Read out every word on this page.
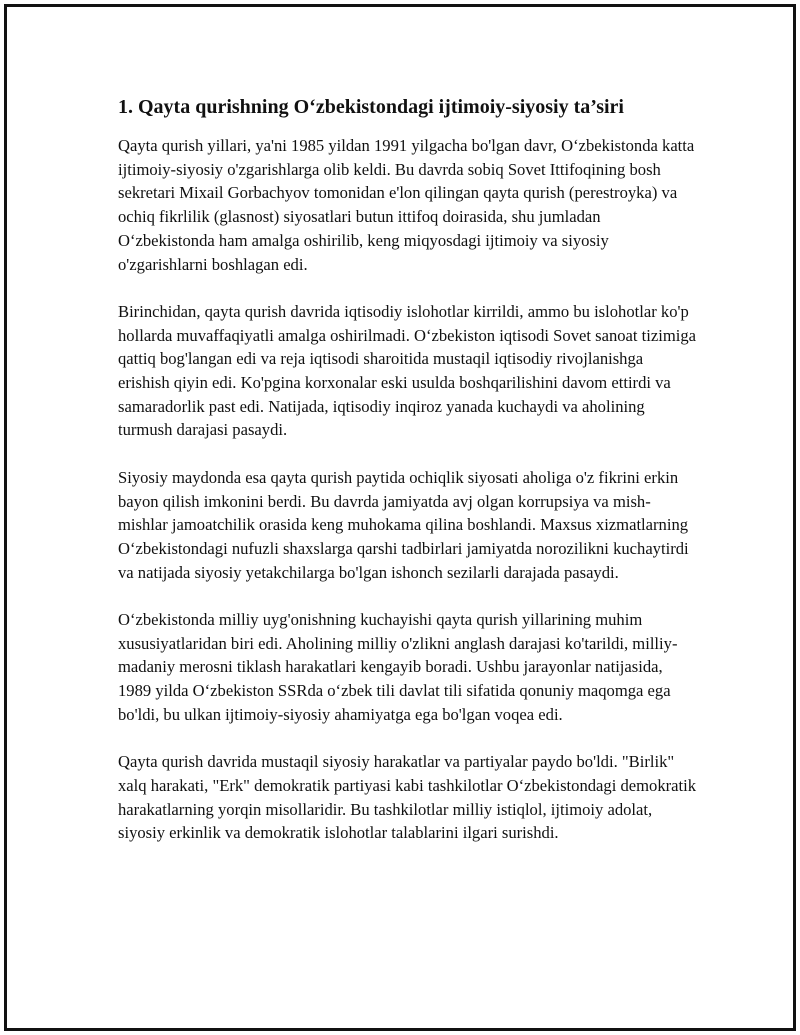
1. Qayta qurishning O‘zbekistondagi ijtimoiy-siyosiy ta’siri

Qayta qurish yillari, ya'ni 1985 yildan 1991 yilgacha bo'lgan davr, O‘zbekistonda katta ijtimoiy-siyosiy o'zgarishlarga olib keldi. Bu davrda sobiq Sovet Ittifoqining bosh sekretari Mixail Gorbachyov tomonidan e'lon qilingan qayta qurish (perestroyka) va ochiq fikrlilik (glasnost) siyosatlari butun ittifoq doirasida, shu jumladan O‘zbekistonda ham amalga oshirilib, keng miqyosdagi ijtimoiy va siyosiy o'zgarishlarni boshlagan edi.

Birinchidan, qayta qurish davrida iqtisodiy islohotlar kirrildi, ammo bu islohotlar ko'p hollarda muvaffaqiyatli amalga oshirilmadi. O‘zbekiston iqtisodi Sovet sanoat tizimiga qattiq bog'langan edi va reja iqtisodi sharoitida mustaqil iqtisodiy rivojlanishga erishish qiyin edi. Ko'pgina korxonalar eski usulda boshqarilishini davom ettirdi va samaradorlik past edi. Natijada, iqtisodiy inqiroz yanada kuchaydi va aholining turmush darajasi pasaydi.

Siyosiy maydonda esa qayta qurish paytida ochiqlik siyosati aholiga o'z fikrini erkin bayon qilish imkonini berdi. Bu davrda jamiyatda avj olgan korrupsiya va mish-mishlar jamoatchilik orasida keng muhokama qilina boshlandi. Maxsus xizmatlarning O‘zbekistondagi nufuzli shaxslarga qarshi tadbirlari jamiyatda norozilikni kuchaytirdi va natijada siyosiy yetakchilarga bo'lgan ishonch sezilarli darajada pasaydi.

O‘zbekistonda milliy uyg'onishning kuchayishi qayta qurish yillarining muhim xususiyatlaridan biri edi. Aholining milliy o'zlikni anglash darajasi ko'tarildi, milliy-madaniy merosni tiklash harakatlari kengayib boradi. Ushbu jarayonlar natijasida, 1989 yilda O‘zbekiston SSRda o‘zbek tili davlat tili sifatida qonuniy maqomga ega bo'ldi, bu ulkan ijtimoiy-siyosiy ahamiyatga ega bo'lgan voqea edi.

Qayta qurish davrida mustaqil siyosiy harakatlar va partiyalar paydo bo'ldi. "Birlik" xalq harakati, "Erk" demokratik partiyasi kabi tashkilotlar O‘zbekistondagi demokratik harakatlarning yorqin misollaridir. Bu tashkilotlar milliy istiqlol, ijtimoiy adolat, siyosiy erkinlik va demokratik islohotlar talablarini ilgari surishdi.
